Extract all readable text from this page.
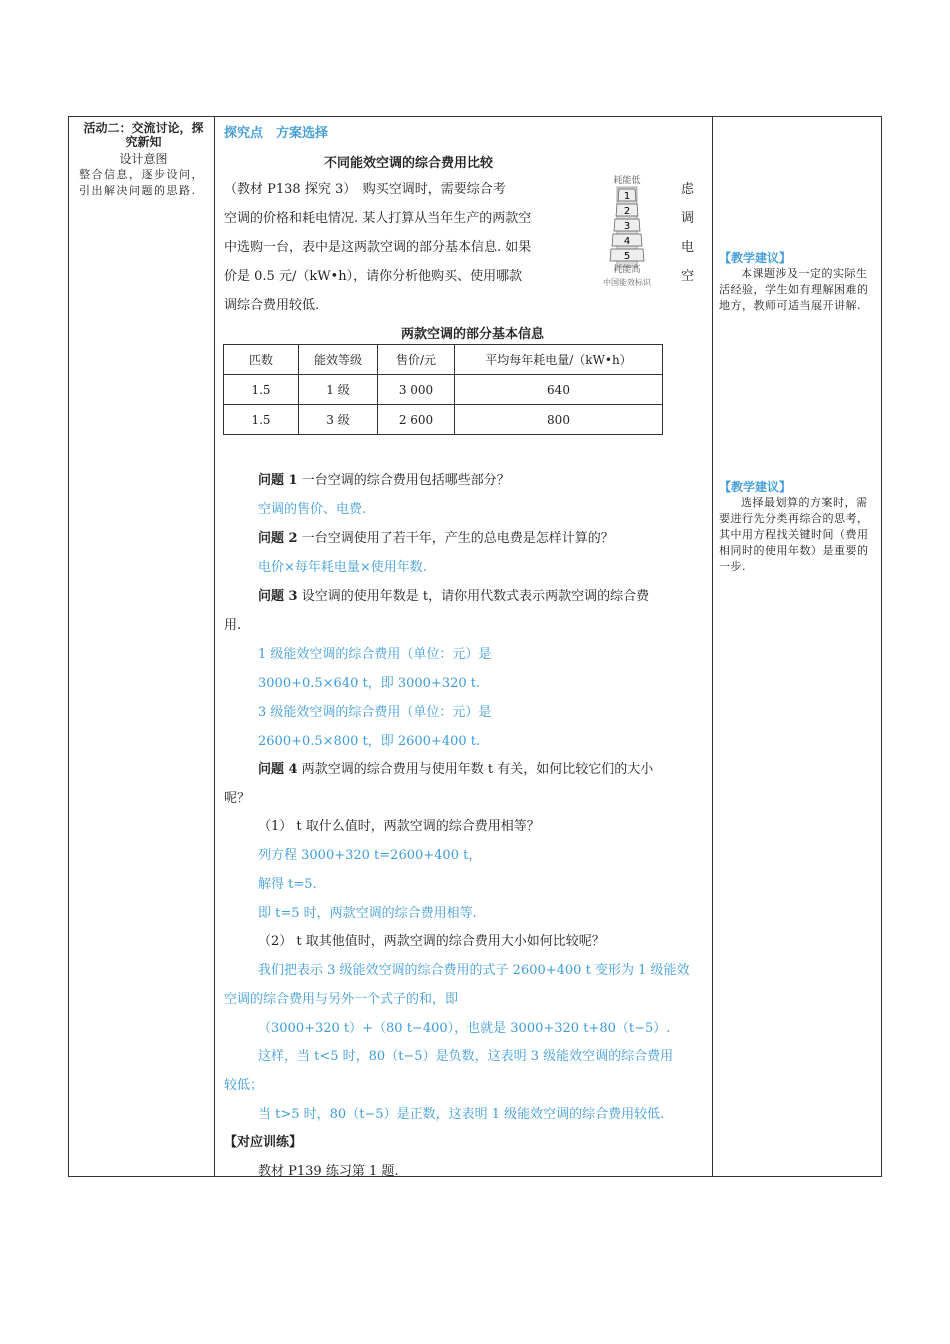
活动二：交流讨论，探究新知
设计意图
整合信息，逐步设问，引出解决问题的思路.
探究点　方案选择
不同能效空调的综合费用比较
（教材 P138 探究 3）　购买空调时，需要综合考
空调的价格和耗电情况. 某人打算从当年生产的两款空
中选购一台，表中是这两款空调的部分基本信息. 如果
价是 0.5 元/（kW•h），请你分析他购买、使用哪款
调综合费用较低.
耗能低
1
2
3
4
5
耗能高
中国能效标识
虑
调
电
空
两款空调的部分基本信息
匹数	能效等级	售价/元	平均每年耗电量/（kW•h）
1.5	1 级	3 000	640
1.5	3 级	2 600	800
问题 1 一台空调的综合费用包括哪些部分？
空调的售价、电费.
问题 2 一台空调使用了若干年，产生的总电费是怎样计算的？
电价×每年耗电量×使用年数.
问题 3 设空调的使用年数是 t，请你用代数式表示两款空调的综合费
用.
1 级能效空调的综合费用（单位：元）是
3000+0.5×640 t，即 3000+320 t.
3 级能效空调的综合费用（单位：元）是
2600+0.5×800 t，即 2600+400 t.
问题 4 两款空调的综合费用与使用年数 t 有关，如何比较它们的大小
呢？
（1） t 取什么值时，两款空调的综合费用相等？
列方程 3000+320 t=2600+400 t，
解得 t=5.
即 t=5 时，两款空调的综合费用相等.
（2） t 取其他值时，两款空调的综合费用大小如何比较呢？
我们把表示 3 级能效空调的综合费用的式子 2600+400 t 变形为 1 级能效
空调的综合费用与另外一个式子的和，即
（3000+320 t）+（80 t−400），也就是 3000+320 t+80（t−5）.
这样，当 t<5 时，80（t−5）是负数，这表明 3 级能效空调的综合费用
较低；
当 t>5 时，80（t−5）是正数，这表明 1 级能效空调的综合费用较低.
【对应训练】
教材 P139 练习第 1 题.
【教学建议】
本课题涉及一定的实际生活经验，学生如有理解困难的地方，教师可适当展开讲解.
【教学建议】
选择最划算的方案时，需要进行先分类再综合的思考，其中用方程找关键时间（费用相同时的使用年数）是重要的一步.
